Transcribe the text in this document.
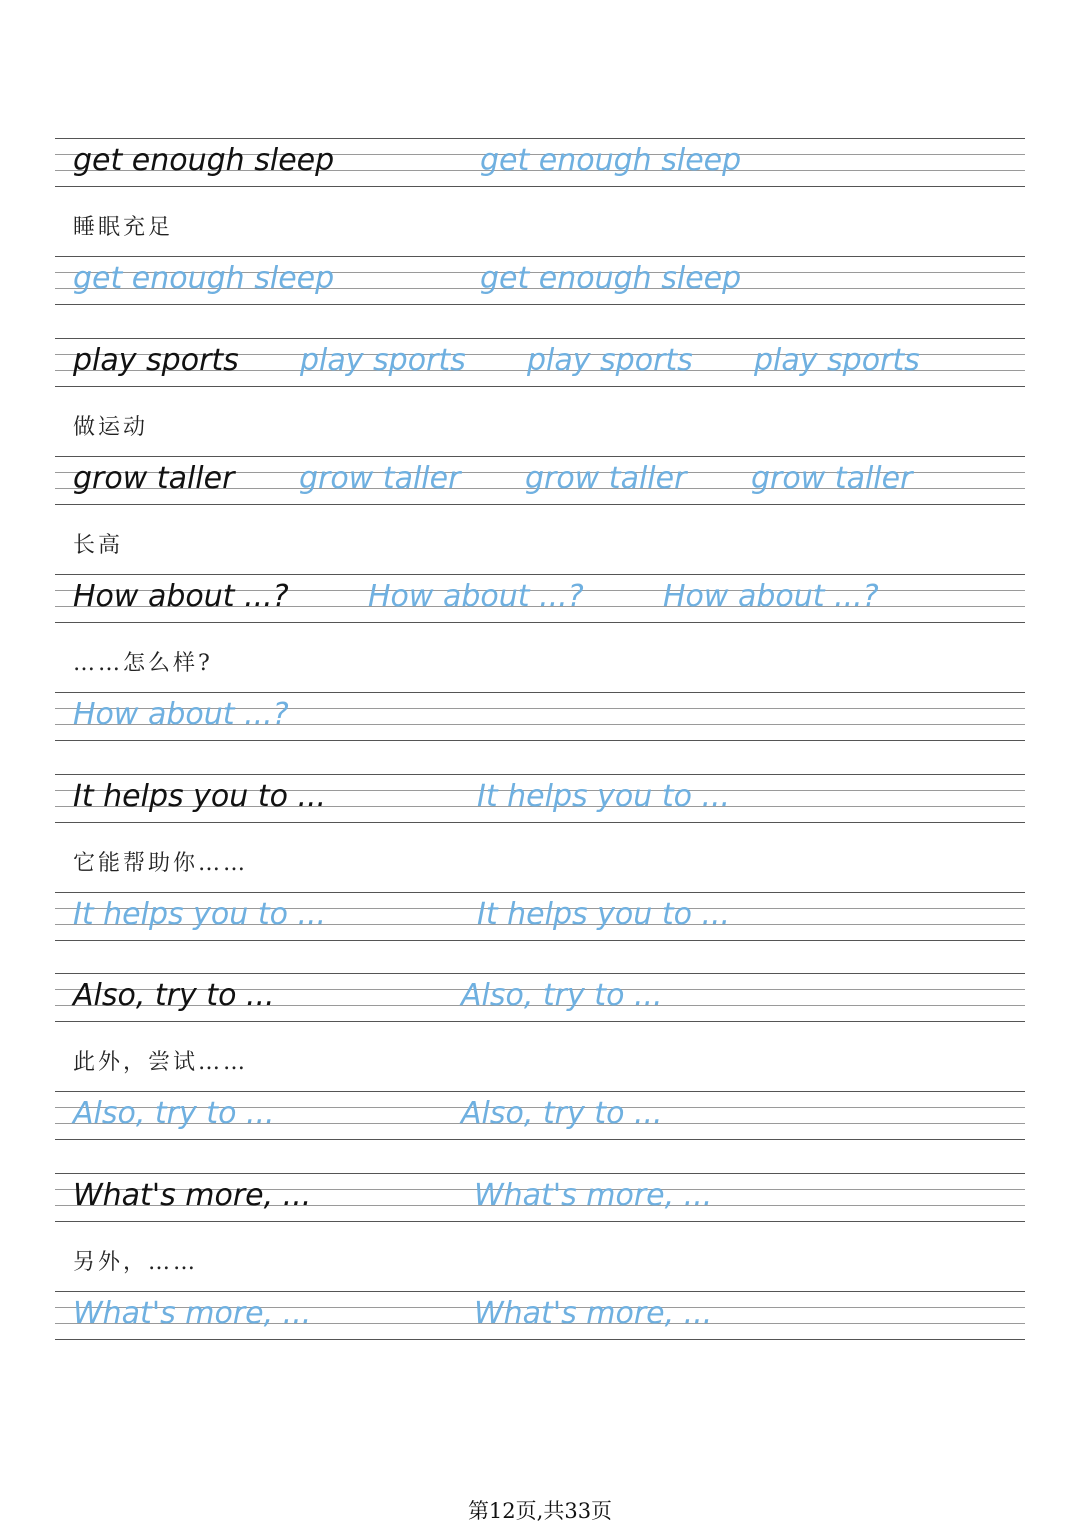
get enough sleep	get enough sleep
睡眠充足
get enough sleep	get enough sleep
play sports play sports play sports play sports
做运动
grow taller grow taller grow taller grow taller
长高
How about ...?	How about ...?	How about ...?
……怎么样?
How about ...?
It helps you to ...	It helps you to ...
它能帮助你……
It helps you to ...	It helps you to ...
Also, try to ...	Also, try to ...
此外，尝试……
Also, try to ...	Also, try to ...
What's more, ...	What's more, ...
另外，……
What's more, ...	What's more, ...
第12页,共33页
